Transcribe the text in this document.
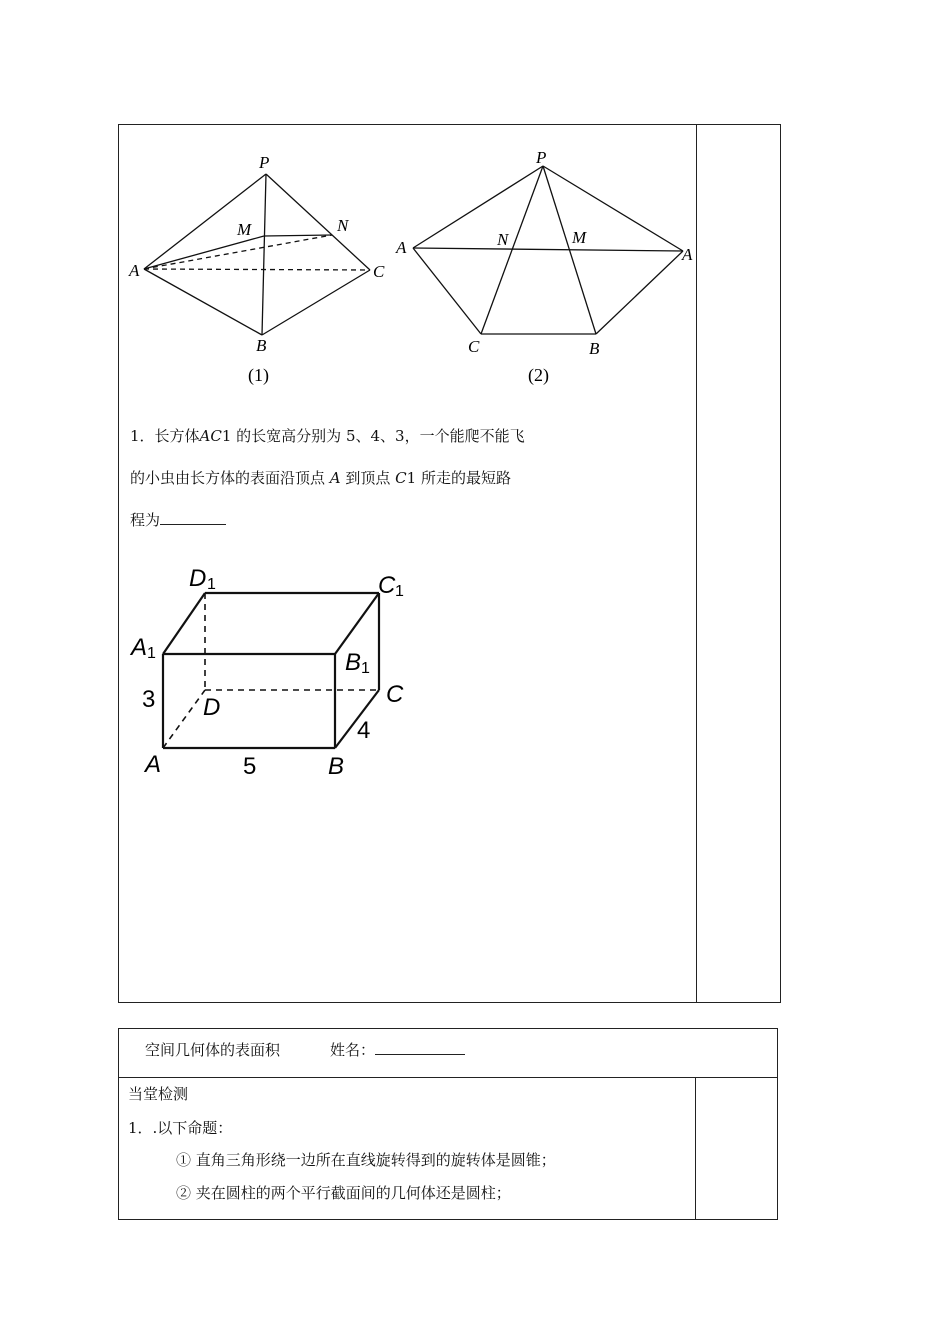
P
M	N
A	C
B
(1)
P
A	N	M
A
C	B
(2)
1．长方体AC1 的长宽高分别为 5、4、3，一个能爬不能飞
的小虫由长方体的表面沿顶点 A 到顶点 C1 所走的最短路
程为
D 1	C 1
A 1	B 1
C
D
3
4
A	5	B
空间几何体的表面积	姓名：
当堂检测
1．.以下命题：
① 直角三角形绕一边所在直线旋转得到的旋转体是圆锥；
② 夹在圆柱的两个平行截面间的几何体还是圆柱；
